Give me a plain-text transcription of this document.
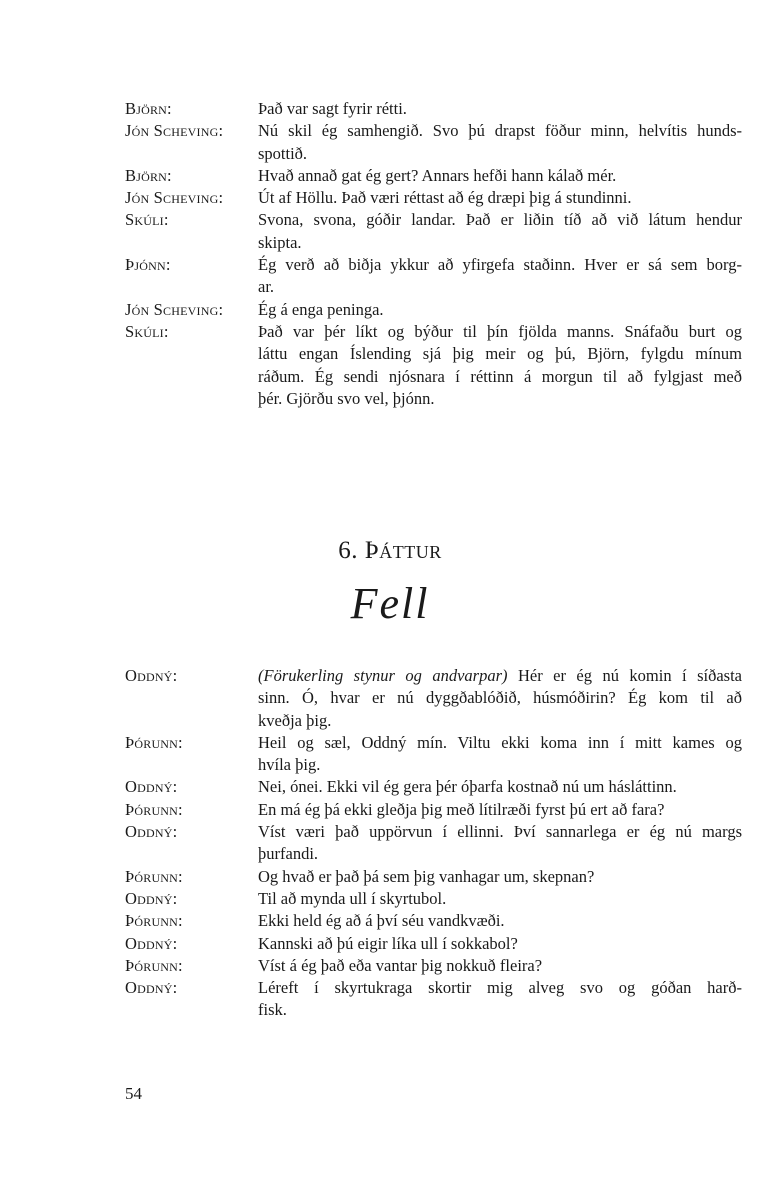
Björn:	Það var sagt fyrir rétti.
Jón Scheving:	Nú skil ég samhengið. Svo þú drapst föður minn, helvítis hunds-
spottið.
Björn:	Hvað annað gat ég gert? Annars hefði hann kálað mér.
Jón Scheving:	Út af Höllu. Það væri réttast að ég dræpi þig á stundinni.
Skúli:	Svona, svona, góðir landar. Það er liðin tíð að við látum hendur
skipta.
Þjónn:	Ég verð að biðja ykkur að yfirgefa staðinn. Hver er sá sem borg-
ar.
Jón Scheving:	Ég á enga peninga.
Skúli:	Það var þér líkt og býður til þín fjölda manns. Snáfaðu burt og
láttu engan Íslending sjá þig meir og þú, Björn, fylgdu mínum
ráðum. Ég sendi njósnara í réttinn á morgun til að fylgjast með
þér. Gjörðu svo vel, þjónn.
6. Þáttur
Fell
Oddný:	(Förukerling stynur og andvarpar) Hér er ég nú komin í síðasta
sinn. Ó, hvar er nú dyggðablóðið, húsmóðirin? Ég kom til að
kveðja þig.
Þórunn:	Heil og sæl, Oddný mín. Viltu ekki koma inn í mitt kames og
hvíla þig.
Oddný:	Nei, ónei. Ekki vil ég gera þér óþarfa kostnað nú um hásláttinn.
Þórunn:	En má ég þá ekki gleðja þig með lítilræði fyrst þú ert að fara?
Oddný:	Víst væri það uppörvun í ellinni. Því sannarlega er ég nú margs
þurfandi.
Þórunn:	Og hvað er það þá sem þig vanhagar um, skepnan?
Oddný:	Til að mynda ull í skyrtubol.
Þórunn:	Ekki held ég að á því séu vandkvæði.
Oddný:	Kannski að þú eigir líka ull í sokkabol?
Þórunn:	Víst á ég það eða vantar þig nokkuð fleira?
Oddný:	Léreft í skyrtukraga skortir mig alveg svo og góðan harð-
fisk.
54
